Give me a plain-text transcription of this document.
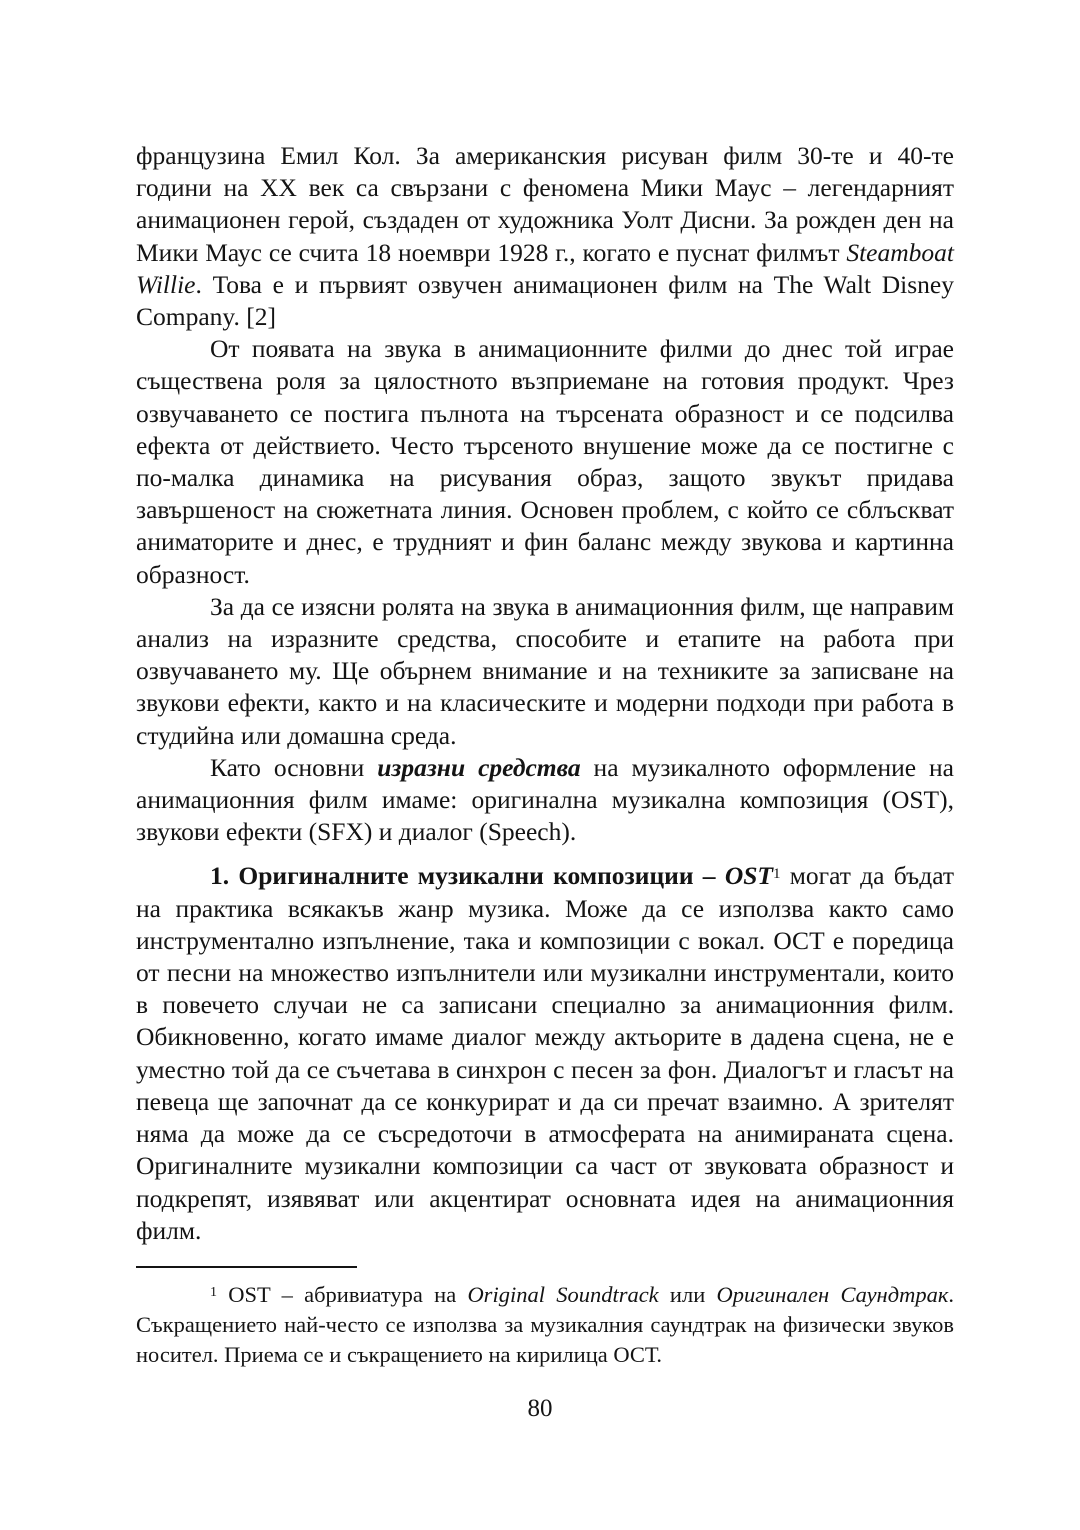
французина Емил Кол. За американския рисуван филм 30-те и 40-те години на XX век са свързани с феномена Мики Маус – легендарният анимационен герой, създаден от художника Уолт Дисни. За рожден ден на Мики Маус се счита 18 ноември 1928 г., когато е пуснат филмът Steamboat Willie. Това е и първият озвучен анимационен филм на The Walt Disney Company. [2]

От появата на звука в анимационните филми до днес той играе съществена роля за цялостното възприемане на готовия продукт. Чрез озвучаването се постига пълнота на търсената образност и се подсилва ефекта от действието. Често търсеното внушение може да се постигне с по-малка динамика на рисувания образ, защото звукът придава завършеност на сюжетната линия. Основен проблем, с който се сблъскват аниматорите и днес, е трудният и фин баланс между звукова и картинна образност.

За да се изясни ролята на звука в анимационния филм, ще направим анализ на изразните средства, способите и етапите на работа при озвучаването му. Ще обърнем внимание и на техниките за записване на звукови ефекти, както и на класическите и модерни подходи при работа в студийна или домашна среда.

Като основни изразни средства на музикалното оформление на анимационния филм имаме: оригинална музикална композиция (OST), звукови ефекти (SFX) и диалог (Speech).

1. Оригиналните музикални композиции – OST$^1$ могат да бъдат на практика всякакъв жанр музика. Може да се използва както само инструментално изпълнение, така и композиции с вокал. ОСТ е поредица от песни на множество изпълнители или музикални инструментали, които в повечето случаи не са записани специално за анимационния филм. Обикновенно, когато имаме диалог между актьорите в дадена сцена, не е уместно той да се съчетава в синхрон с песен за фон. Диалогът и гласът на певеца ще започнат да се конкурират и да си пречат взаимно. А зрителят няма да може да се съсредоточи в атмосферата на анимираната сцена. Оригиналните музикални композиции са част от звуковата образност и подкрепят, изявяват или акцентират основната идея на анимационния филм.

$^1$ OST – абривиатура на Original Soundtrack или Оригинален Саундтрак. Съкращението най-често се използва за музикалния саундтрак на физически звуков носител. Приема се и съкращението на кирилица ОСТ.

80
